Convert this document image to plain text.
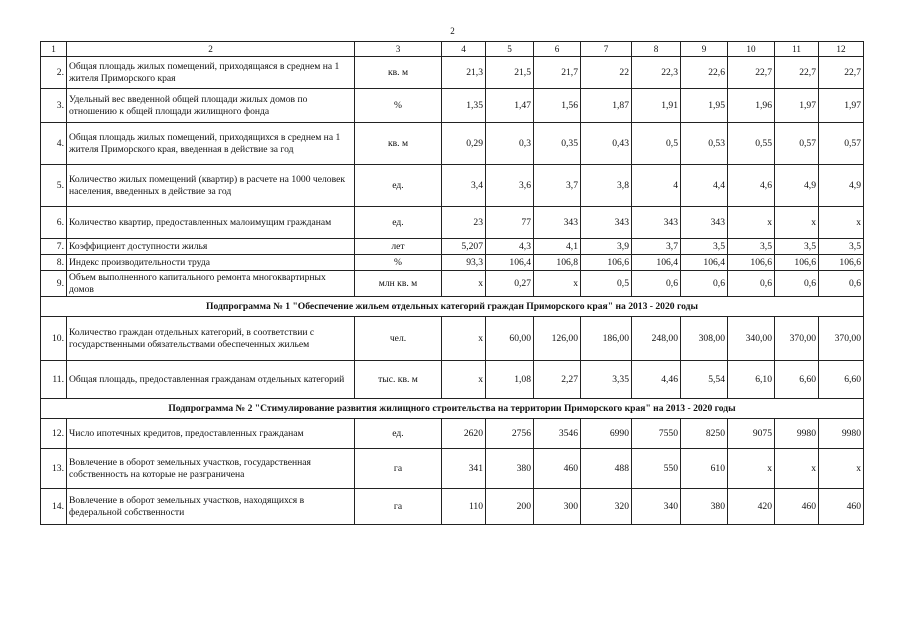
2
1	2	3	4	5	6	7	8	9	10	11	12
2.	Общая площадь жилых помещений, приходящаяся в среднем на 1 жителя Приморского края	кв. м	21,3	21,5	21,7	22	22,3	22,6	22,7	22,7	22,7
3.	Удельный вес введенной общей площади жилых домов по отношению к общей площади жилищного фонда	%	1,35	1,47	1,56	1,87	1,91	1,95	1,96	1,97	1,97
4.	Общая площадь жилых помещений, приходящихся в среднем на 1 жителя Приморского края, введенная в действие за год	кв. м	0,29	0,3	0,35	0,43	0,5	0,53	0,55	0,57	0,57
5.	Количество жилых помещений (квартир) в расчете на 1000 человек населения, введенных в действие за год	ед.	3,4	3,6	3,7	3,8	4	4,4	4,6	4,9	4,9
6.	Количество квартир, предоставленных малоимущим гражданам	ед.	23	77	343	343	343	343	х	х	х
7.	Коэффициент доступности жилья	лет	5,207	4,3	4,1	3,9	3,7	3,5	3,5	3,5	3,5
8.	Индекс производительности труда	%	93,3	106,4	106,8	106,6	106,4	106,4	106,6	106,6	106,6
9.	Объем выполненного капитального ремонта многоквартирных домов	млн кв. м	х	0,27	х	0,5	0,6	0,6	0,6	0,6	0,6
Подпрограмма № 1 "Обеспечение жильем отдельных категорий граждан Приморского края" на 2013 - 2020 годы											
10.	Количество граждан отдельных категорий, в соответствии с государственными обязательствами обеспеченных жильем	чел.	х	60,00	126,00	186,00	248,00	308,00	340,00	370,00	370,00
11.	Общая площадь, предоставленная гражданам отдельных категорий	тыс. кв. м	х	1,08	2,27	3,35	4,46	5,54	6,10	6,60	6,60
Подпрограмма № 2 "Стимулирование развития жилищного строительства на территории Приморского края" на 2013 - 2020 годы											
12.	Число ипотечных кредитов, предоставленных гражданам	ед.	2620	2756	3546	6990	7550	8250	9075	9980	9980
13.	Вовлечение в оборот земельных участков, государственная собственность на которые не разграничена	га	341	380	460	488	550	610	х	х	х
14.	Вовлечение в оборот земельных участков, находящихся в федеральной собственности	га	110	200	300	320	340	380	420	460	460
